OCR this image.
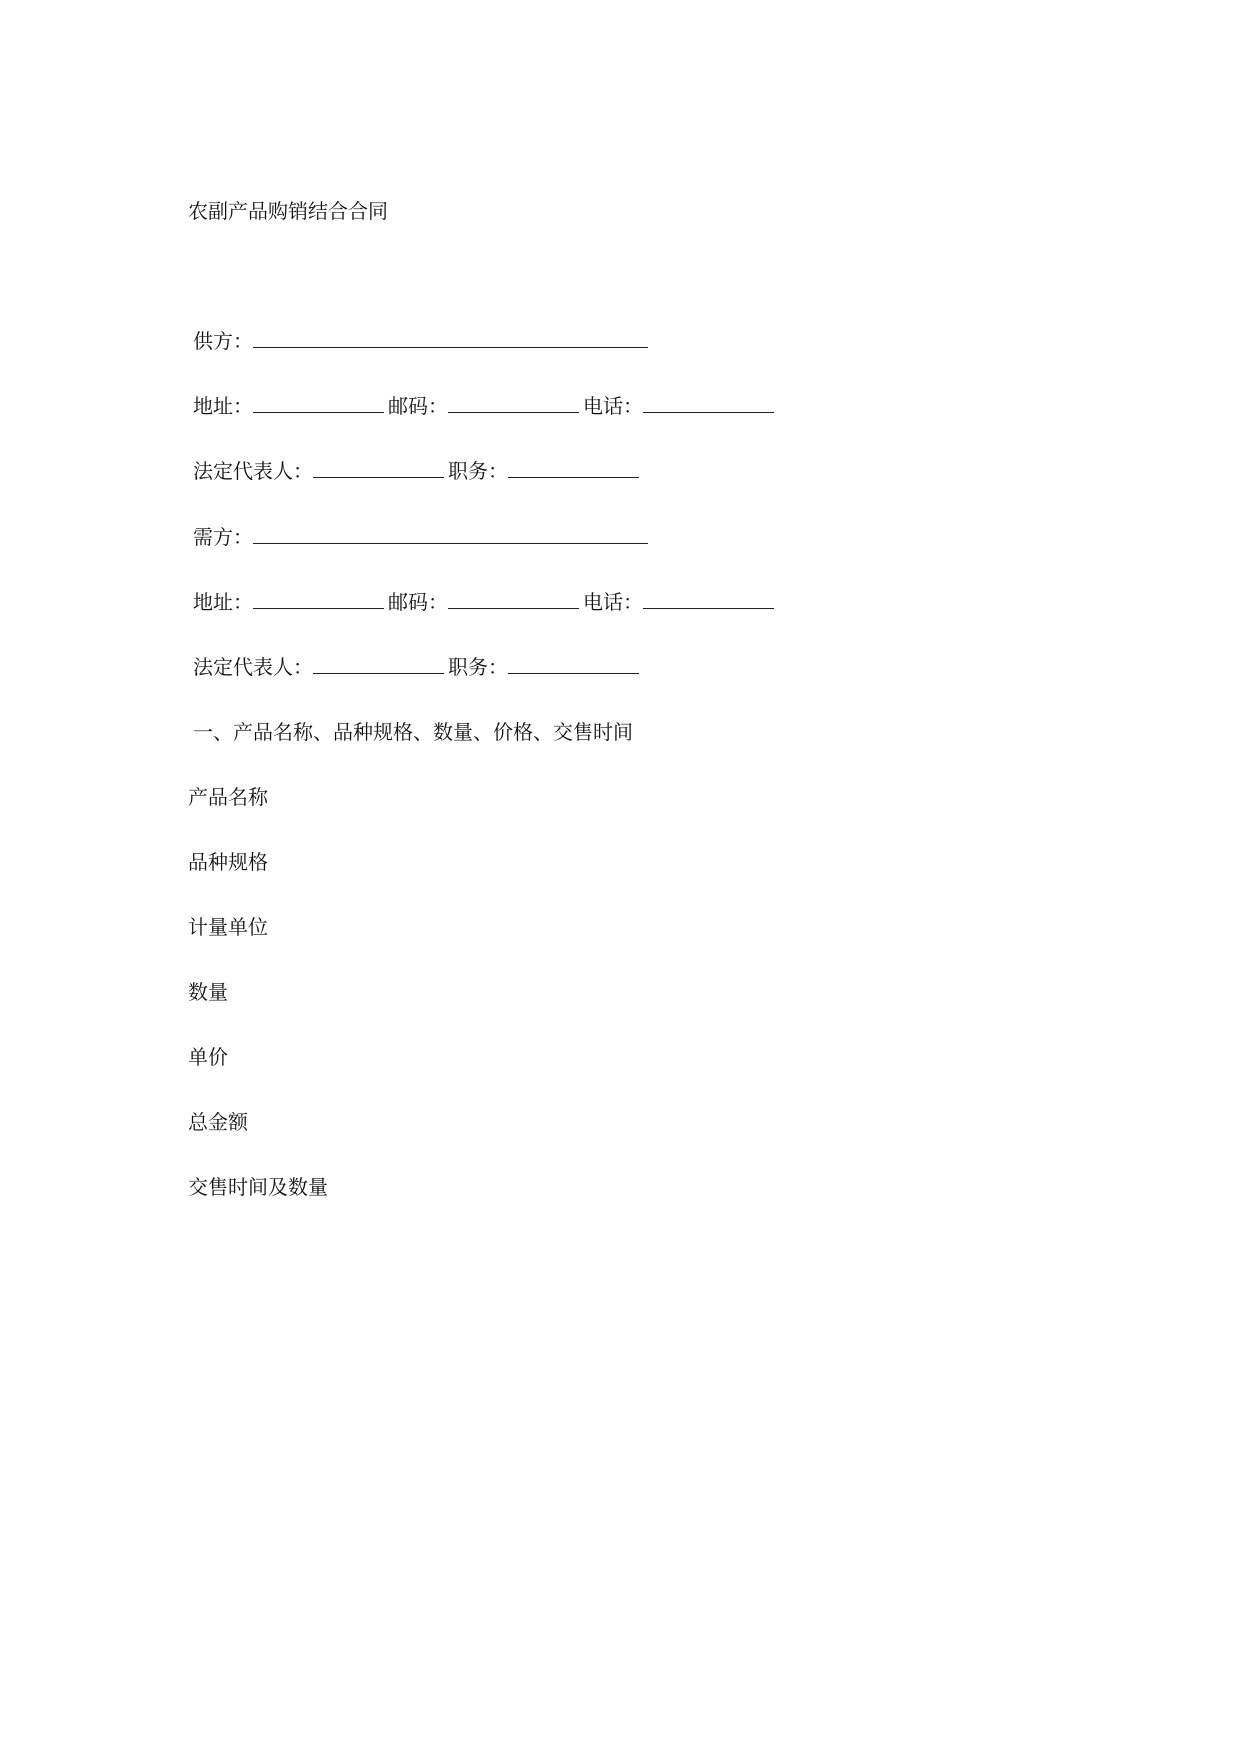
农副产品购销结合合同
供方：
地址：	邮码：	电话：
法定代表人：	职务：
需方：
地址：	邮码：	电话：
法定代表人：	职务：
一、产品名称、品种规格、数量、价格、交售时间
产品名称
品种规格
计量单位
数量
单价
总金额
交售时间及数量
